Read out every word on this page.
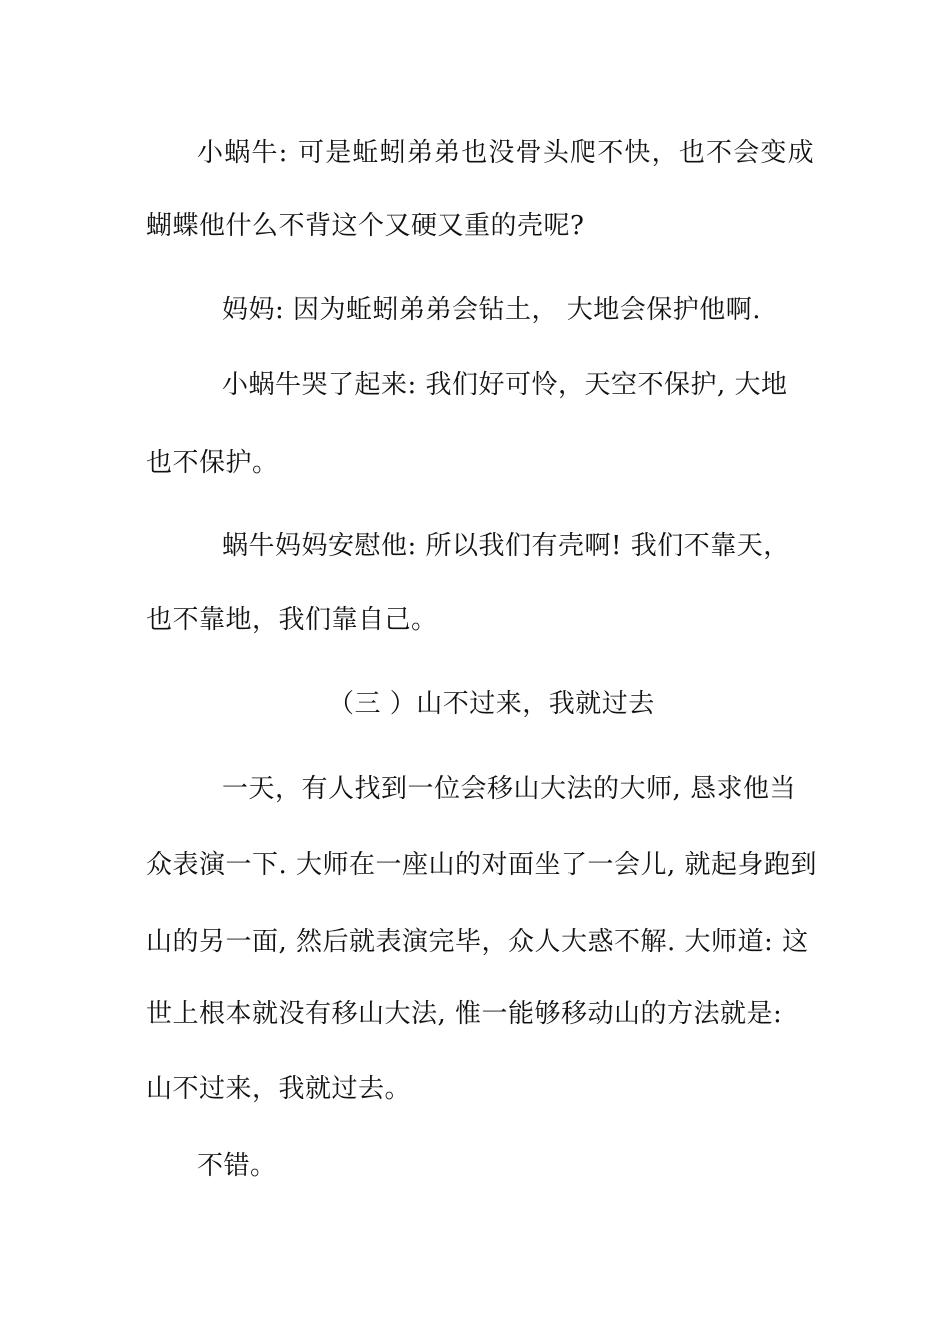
小蜗牛: 可是蚯蚓弟弟也没骨头爬不快，也不会变成
蝴蝶他什么不背这个又硬又重的壳呢?
妈妈: 因为蚯蚓弟弟会钻土， 大地会保护他啊.
小蜗牛哭了起来: 我们好可怜，天空不保护, 大地
也不保护。
蜗牛妈妈安慰他: 所以我们有壳啊! 我们不靠天，
也不靠地，我们靠自己。
（三 ）山不过来，我就过去
一天，有人找到一位会移山大法的大师, 恳求他当
众表演一下. 大师在一座山的对面坐了一会儿, 就起身跑到
山的另一面, 然后就表演完毕，众人大惑不解. 大师道: 这
世上根本就没有移山大法, 惟一能够移动山的方法就是:
山不过来，我就过去。
不错。
